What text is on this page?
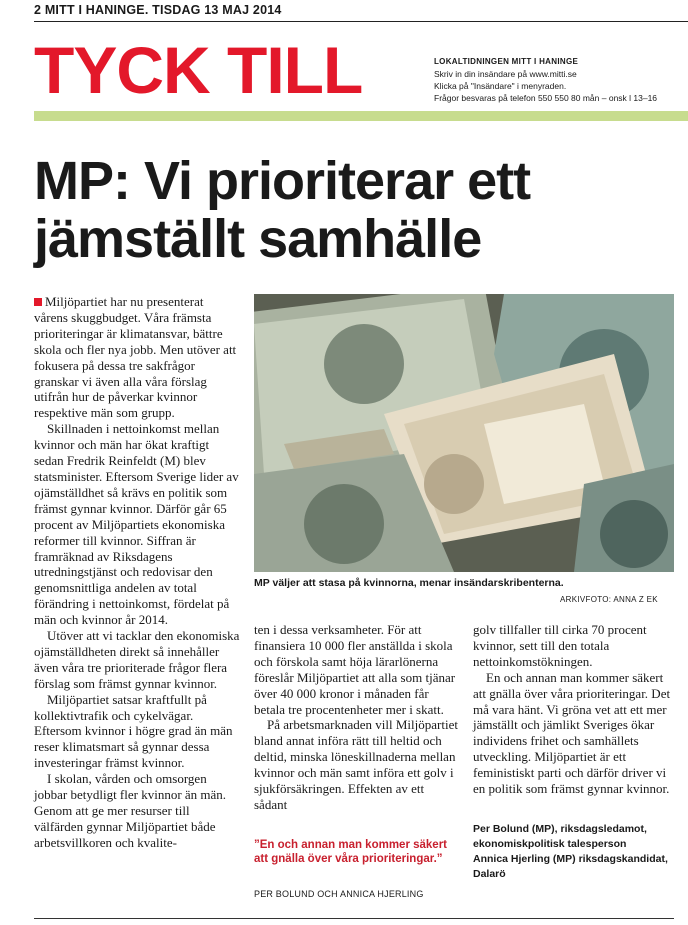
2 MITT I HANINGE. TISDAG 13 MAJ 2014
TYCK TILL	LOKALTIDNINGEN MITT I HANINGE
Skriv in din insändare på www.mitti.se
Klicka på "Insändare" i menyraden.
Frågor besvaras på telefon 550 550 80 mån – onsk l 13–16
MP: Vi prioriterar ett
jämställt samhälle

Miljöpartiet har nu presenterat vårens skuggbudget. Våra främsta prioriteringar är klimatansvar, bättre skola och fler nya jobb. Men utöver att fokusera på dessa tre sakfrågor granskar vi även alla våra förslag utifrån hur de påverkar kvinnor respektive män som grupp.

Skillnaden i nettoinkomst mellan kvinnor och män har ökat kraftigt sedan Fredrik Reinfeldt (M) blev statsminister. Eftersom Sverige lider av ojämställdhet så krävs en politik som främst gynnar kvinnor. Därför går 65 procent av Miljöpartiets ekonomiska reformer till kvinnor. Siffran är framräknad av Riksdagens utredningstjänst och redovisar den genomsnittliga andelen av total förändring i nettoinkomst, fördelat på män och kvinnor år 2014.

Utöver att vi tacklar den ekonomiska ojämställdheten direkt så innehåller även våra tre prioriterade frågor flera förslag som främst gynnar kvinnor.

Miljöpartiet satsar kraftfullt på kollektivtrafik och cykelvägar. Eftersom kvinnor i högre grad än män reser klimatsmart så gynnar dessa investeringar främst kvinnor.

I skolan, vården och omsorgen jobbar betydligt fler kvinnor än män. Genom att ge mer resurser till välfärden gynnar Miljöpartiet både arbetsvillkoren och kvalite-

MP väljer att stasa på kvinnorna, menar insändarskribenterna.
ARKIVFOTO: ANNA Z EK

ten i dessa verksamheter. För att finansiera 10 000 fler anställda i skola och förskola samt höja lärarlönerna föreslår Miljöpartiet att alla som tjänar över 40 000 kronor i månaden får betala tre procentenheter mer i skatt.

På arbetsmarknaden vill Miljöpartiet bland annat införa rätt till heltid och deltid, minska löneskillnaderna mellan kvinnor och män samt införa ett golv i sjukförsäkringen. Effekten av ett sådant

”En och annan man kommer säkert att gnälla över våra prioriteringar.”
PER BOLUND OCH ANNICA HJERLING

golv tillfaller till cirka 70 procent kvinnor, sett till den totala nettoinkomstökningen.

En och annan man kommer säkert att gnälla över våra prioriteringar. Det må vara hänt. Vi gröna vet att ett mer jämställt och jämlikt Sveriges ökar individens frihet och samhällets utveckling. Miljöpartiet är ett feministiskt parti och därför driver vi en politik som främst gynnar kvinnor.

Per Bolund (MP), riksdagsledamot, ekonomiskpolitisk talesperson

Annica Hjerling (MP) riksdagskandidat, Dalarö
